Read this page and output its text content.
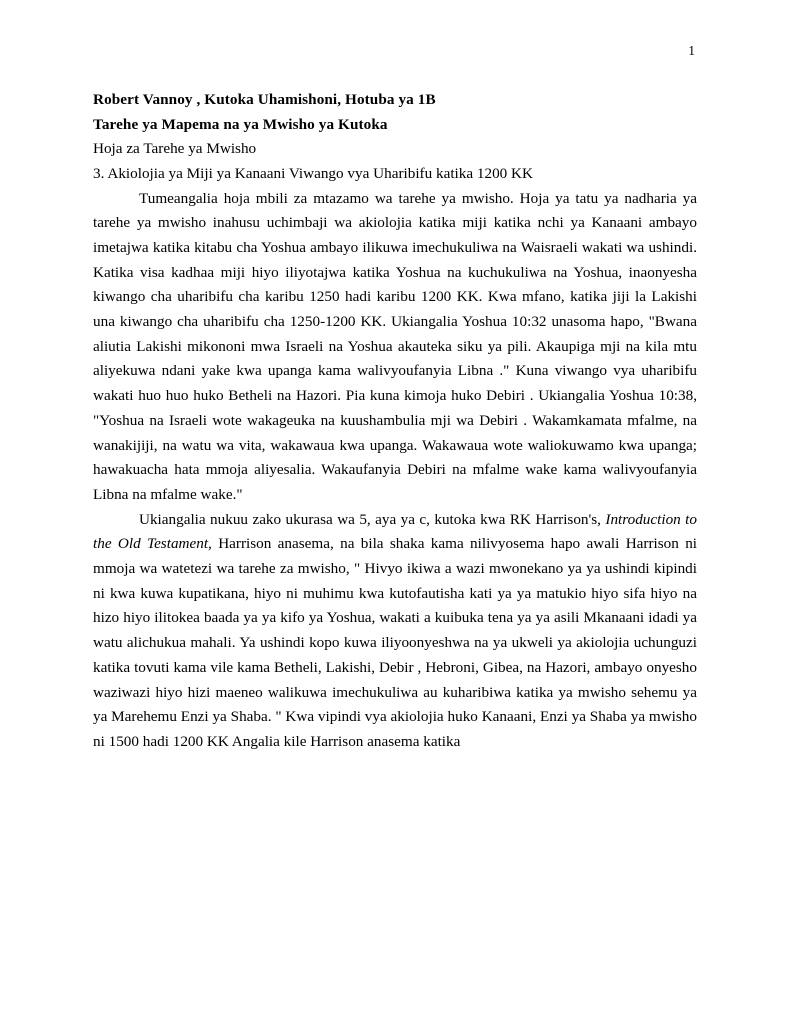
1
Robert Vannoy , Kutoka Uhamishoni, Hotuba ya 1B
Tarehe ya Mapema na ya Mwisho ya Kutoka
Hoja za Tarehe ya Mwisho
3. Akiolojia ya Miji ya Kanaani Viwango vya Uharibifu katika 1200 KK

Tumeangalia hoja mbili za mtazamo wa tarehe ya mwisho. Hoja ya tatu ya nadharia ya tarehe ya mwisho inahusu uchimbaji wa akiolojia katika miji katika nchi ya Kanaani ambayo imetajwa katika kitabu cha Yoshua ambayo ilikuwa imechukuliwa na Waisraeli wakati wa ushindi. Katika visa kadhaa miji hiyo iliyotajwa katika Yoshua na kuchukuliwa na Yoshua, inaonyesha kiwango cha uharibifu cha karibu 1250 hadi karibu 1200 KK. Kwa mfano, katika jiji la Lakishi una kiwango cha uharibifu cha 1250-1200 KK. Ukiangalia Yoshua 10:32 unasoma hapo, "Bwana aliutia Lakishi mikononi mwa Israeli na Yoshua akauteka siku ya pili. Akaupiga mji na kila mtu aliyekuwa ndani yake kwa upanga kama walivyoufanyia Libna ." Kuna viwango vya uharibifu wakati huo huo huko Betheli na Hazori. Pia kuna kimoja huko Debiri . Ukiangalia Yoshua 10:38, "Yoshua na Israeli wote wakageuka na kuushambulia mji wa Debiri . Wakamkamata mfalme, na wanakijiji, na watu wa vita, wakawaua kwa upanga. Wakawaua wote waliokuwamo kwa upanga; hawakuacha hata mmoja aliyesalia. Wakaufanyia Debiri na mfalme wake kama walivyoufanyia Libna na mfalme wake."

Ukiangalia nukuu zako ukurasa wa 5, aya ya c, kutoka kwa RK Harrison's, Introduction to the Old Testament, Harrison anasema, na bila shaka kama nilivyosema hapo awali Harrison ni mmoja wa watetezi wa tarehe za mwisho, " Hivyo ikiwa a wazi mwonekano ya ya ushindi kipindi ni kwa kuwa kupatikana, hiyo ni muhimu kwa kutofautisha kati ya ya matukio hiyo sifa hiyo na hizo hiyo ilitokea baada ya ya kifo ya Yoshua, wakati a kuibuka tena ya ya asili Mkanaani idadi ya watu alichukua mahali. Ya ushindi kopo kuwa iliyoonyeshwa na ya ukweli ya akiolojia uchunguzi katika tovuti kama vile kama Betheli, Lakishi, Debir , Hebroni, Gibea, na Hazori, ambayo onyesho waziwazi hiyo hizi maeneo walikuwa imechukuliwa au kuharibiwa katika ya mwisho sehemu ya ya Marehemu Enzi ya Shaba. " Kwa vipindi vya akiolojia huko Kanaani, Enzi ya Shaba ya mwisho ni 1500 hadi 1200 KK Angalia kile Harrison anasema katika
